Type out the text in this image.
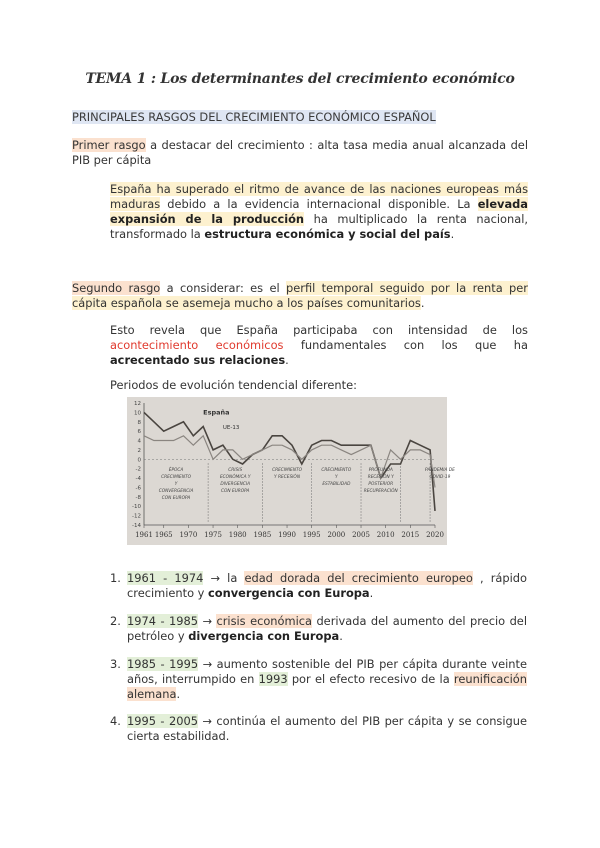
TEMA 1 : Los determinantes del crecimiento económico
PRINCIPALES RASGOS DEL CRECIMIENTO ECONÓMICO ESPAÑOL
Primer rasgo a destacar del crecimiento : alta tasa media anual alcanzada del PIB per cápita
España ha superado el ritmo de avance de las naciones europeas más maduras debido a la evidencia internacional disponible. La elevada expansión de la producción ha multiplicado la renta nacional, transformado la estructura económica y social del país.
Segundo rasgo a considerar: es el perfil temporal seguido por la renta per cápita española se asemeja mucho a los países comunitarios.
Esto revela que España participaba con intensidad de los acontecimiento económicos fundamentales con los que ha acrecentado sus relaciones.
Periodos de evolución tendencial diferente:
12
10
8
6
4
2
0
-2
-4
-6
-8
-10
-12
-14
1961 1965 1970 1975 1980 1985 1990 1995 2000 2005 2010 2015 2020
España
UE-13
ÉPOCA CRECIMIENTO Y CONVERGENCIA CON EUROPA
CRISIS ECONÓMICA Y DIVERGENCIA CON EUROPA
CRECIMIENTO Y RECESIÓN
CRECIMIENTO Y ESTABILIDAD
PROFUNDA RECESIÓN Y POSTERIOR RECUPERACIÓN
PANDEMIA DE COVID-19
1. 1961 - 1974 → la edad dorada del crecimiento europeo , rápido crecimiento y convergencia con Europa.
2. 1974 - 1985 → crisis económica derivada del aumento del precio del petróleo y divergencia con Europa.
3. 1985 - 1995 → aumento sostenible del PIB per cápita durante veinte años, interrumpido en 1993 por el efecto recesivo de la reunificación alemana.
4. 1995 - 2005 → continúa el aumento del PIB per cápita y se consigue cierta estabilidad.
